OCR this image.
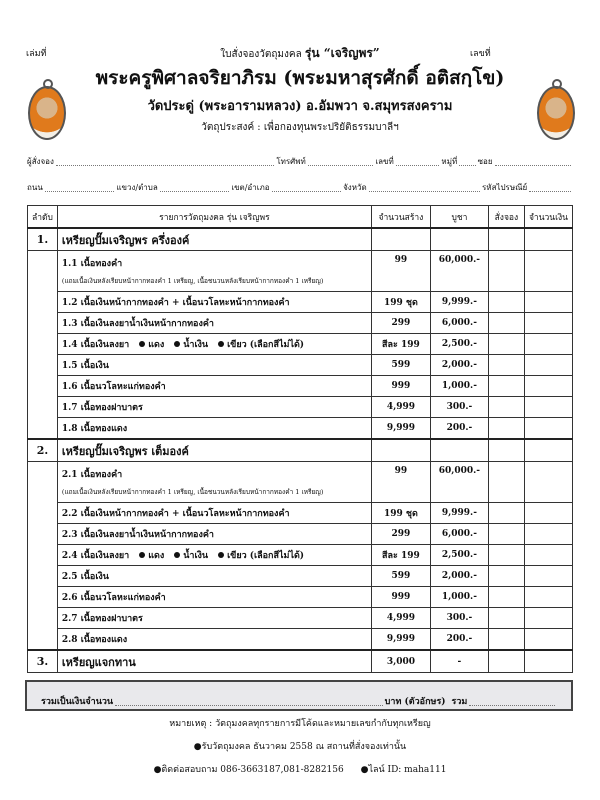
เล่มที่	ใบสั่งจองวัตถุมงคล รุ่น “เจริญพร”	เลขที่
พระครูพิศาลจริยาภิรม (พระมหาสุรศักดิ์ อติสกฺโข)
วัดประดู่ (พระอารามหลวง) อ.อัมพวา จ.สมุทรสงคราม
วัตถุประสงค์ : เพื่อกองทุนพระปริยัติธรรมบาลีฯ
ผู้สั่งจอง	โทรศัพท์	เลขที่	หมู่ที่	ซอย
ถนน	แขวง/ตำบล	เขต/อำเภอ	จังหวัด	รหัสไปรษณีย์
ลำดับ	รายการวัตถุมงคล รุ่น เจริญพร	จำนวนสร้าง	บูชา	สั่งจอง	จำนวนเงิน
1.	เหรียญปั๊มเจริญพร ครึ่งองค์				
	1.1 เนื้อทองคำ
(แถมเนื้อเงินหลังเรียบหน้ากากทองคำ 1 เหรียญ, เนื้อชนวนหลังเรียบหน้ากากทองคำ 1 เหรียญ)	99	60,000.-		
	1.2 เนื้อเงินหน้ากากทองคำ + เนื้อนวโลหะหน้ากากทองคำ	199 ชุด	9,999.-		
	1.3 เนื้อเงินลงยาน้ำเงินหน้ากากทองคำ	299	6,000.-		
	1.4 เนื้อเงินลงยา แดง น้ำเงิน เขียว (เลือกสีไม่ได้)	สีละ 199	2,500.-		
	1.5 เนื้อเงิน	599	2,000.-		
	1.6 เนื้อนวโลหะแก่ทองคำ	999	1,000.-		
	1.7 เนื้อทองฝาบาตร	4,999	300.-		
	1.8 เนื้อทองแดง	9,999	200.-		
2.	เหรียญปั๊มเจริญพร เต็มองค์				
	2.1 เนื้อทองคำ
(แถมเนื้อเงินหลังเรียบหน้ากากทองคำ 1 เหรียญ, เนื้อชนวนหลังเรียบหน้ากากทองคำ 1 เหรียญ)	99	60,000.-		
	2.2 เนื้อเงินหน้ากากทองคำ + เนื้อนวโลหะหน้ากากทองคำ	199 ชุด	9,999.-		
	2.3 เนื้อเงินลงยาน้ำเงินหน้ากากทองคำ	299	6,000.-		
	2.4 เนื้อเงินลงยา แดง น้ำเงิน เขียว (เลือกสีไม่ได้)	สีละ 199	2,500.-		
	2.5 เนื้อเงิน	599	2,000.-		
	2.6 เนื้อนวโลหะแก่ทองคำ	999	1,000.-		
	2.7 เนื้อทองฝาบาตร	4,999	300.-		
	2.8 เนื้อทองแดง	9,999	200.-		
3.	เหรียญแจกทาน	3,000	-		
รวมเป็นเงินจำนวน	บาท (ตัวอักษร) รวม
หมายเหตุ : วัตถุมงคลทุกรายการมีโค้ดและหมายเลขกำกับทุกเหรียญ
●รับวัตถุมงคล ธันวาคม 2558 ณ สถานที่สั่งจองเท่านั้น
●ติดต่อสอบถาม 086-3663187,081-8282156 ●ไลน์ ID: maha111
